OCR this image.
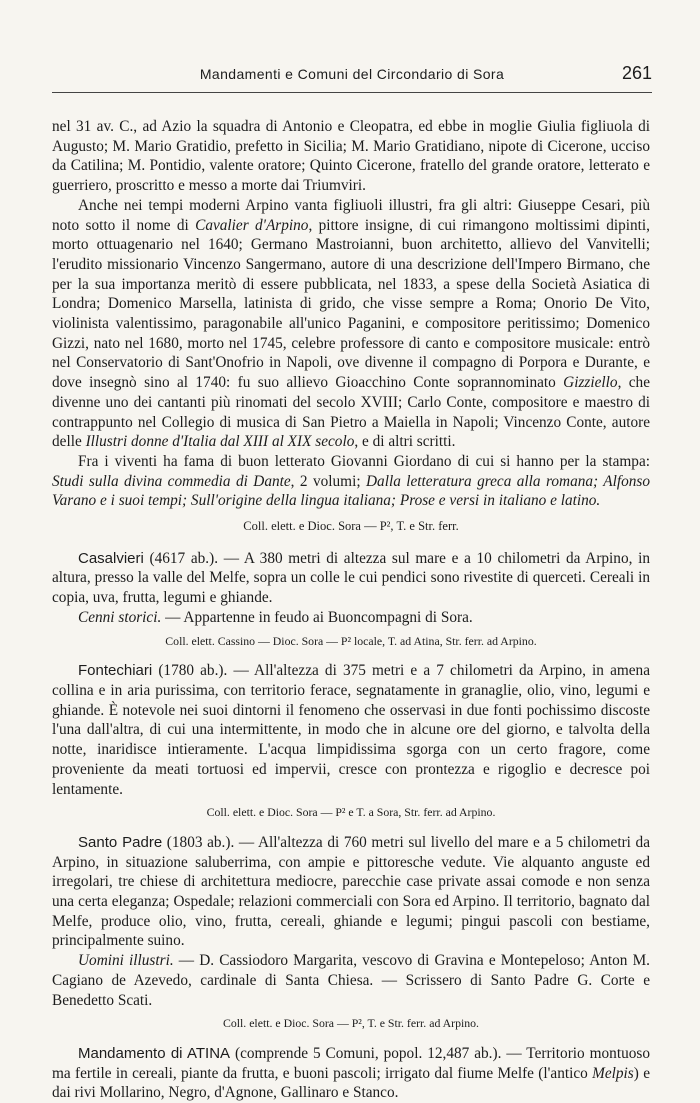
Mandamenti e Comuni del Circondario di Sora	261

nel 31 av. C., ad Azio la squadra di Antonio e Cleopatra, ed ebbe in moglie Giulia figliuola di Augusto; M. Mario Gratidio, prefetto in Sicilia; M. Mario Gratidiano, nipote di Cicerone, ucciso da Catilina; M. Pontidio, valente oratore; Quinto Cicerone, fratello del grande oratore, letterato e guerriero, proscritto e messo a morte dai Triumviri.

Anche nei tempi moderni Arpino vanta figliuoli illustri, fra gli altri: Giuseppe Cesari, più noto sotto il nome di Cavalier d'Arpino, pittore insigne, di cui rimangono moltissimi dipinti, morto ottuagenario nel 1640; Germano Mastroianni, buon architetto, allievo del Vanvitelli; l'erudito missionario Vincenzo Sangermano, autore di una descrizione dell'Impero Birmano, che per la sua importanza meritò di essere pubblicata, nel 1833, a spese della Società Asiatica di Londra; Domenico Marsella, latinista di grido, che visse sempre a Roma; Onorio De Vito, violinista valentissimo, paragonabile all'unico Paganini, e compositore peritissimo; Domenico Gizzi, nato nel 1680, morto nel 1745, celebre professore di canto e compositore musicale: entrò nel Conservatorio di Sant'Onofrio in Napoli, ove divenne il compagno di Porpora e Durante, e dove insegnò sino al 1740: fu suo allievo Gioacchino Conte soprannominato Gizziello, che divenne uno dei cantanti più rinomati del secolo XVIII; Carlo Conte, compositore e maestro di contrappunto nel Collegio di musica di San Pietro a Maiella in Napoli; Vincenzo Conte, autore delle Illustri donne d'Italia dal XIII al XIX secolo, e di altri scritti.

Fra i viventi ha fama di buon letterato Giovanni Giordano di cui si hanno per la stampa: Studi sulla divina commedia di Dante, 2 volumi; Dalla letteratura greca alla romana; Alfonso Varano e i suoi tempi; Sull'origine della lingua italiana; Prose e versi in italiano e latino.

Coll. elett. e Dioc. Sora — P², T. e Str. ferr.

Casalvieri (4617 ab.). — A 380 metri di altezza sul mare e a 10 chilometri da Arpino, in altura, presso la valle del Melfe, sopra un colle le cui pendici sono rivestite di querceti. Cereali in copia, uva, frutta, legumi e ghiande.

Cenni storici. — Appartenne in feudo ai Buoncompagni di Sora.

Coll. elett. Cassino — Dioc. Sora — P² locale, T. ad Atina, Str. ferr. ad Arpino.

Fontechiari (1780 ab.). — All'altezza di 375 metri e a 7 chilometri da Arpino, in amena collina e in aria purissima, con territorio ferace, segnatamente in granaglie, olio, vino, legumi e ghiande. È notevole nei suoi dintorni il fenomeno che osservasi in due fonti pochissimo discoste l'una dall'altra, di cui una intermittente, in modo che in alcune ore del giorno, e talvolta della notte, inaridisce intieramente. L'acqua limpidissima sgorga con un certo fragore, come proveniente da meati tortuosi ed impervii, cresce con prontezza e rigoglio e decresce poi lentamente.

Coll. elett. e Dioc. Sora — P² e T. a Sora, Str. ferr. ad Arpino.

Santo Padre (1803 ab.). — All'altezza di 760 metri sul livello del mare e a 5 chilometri da Arpino, in situazione saluberrima, con ampie e pittoresche vedute. Vie alquanto anguste ed irregolari, tre chiese di architettura mediocre, parecchie case private assai comode e non senza una certa eleganza; Ospedale; relazioni commerciali con Sora ed Arpino. Il territorio, bagnato dal Melfe, produce olio, vino, frutta, cereali, ghiande e legumi; pingui pascoli con bestiame, principalmente suino.

Uomini illustri. — D. Cassiodoro Margarita, vescovo di Gravina e Montepeloso; Anton M. Cagiano de Azevedo, cardinale di Santa Chiesa. — Scrissero di Santo Padre G. Corte e Benedetto Scati.

Coll. elett. e Dioc. Sora — P², T. e Str. ferr. ad Arpino.

Mandamento di ATINA (comprende 5 Comuni, popol. 12,487 ab.). — Territorio montuoso ma fertile in cereali, piante da frutta, e buoni pascoli; irrigato dal fiume Melfe (l'antico Melpis) e dai rivi Mollarino, Negro, d'Agnone, Gallinaro e Stanco.
